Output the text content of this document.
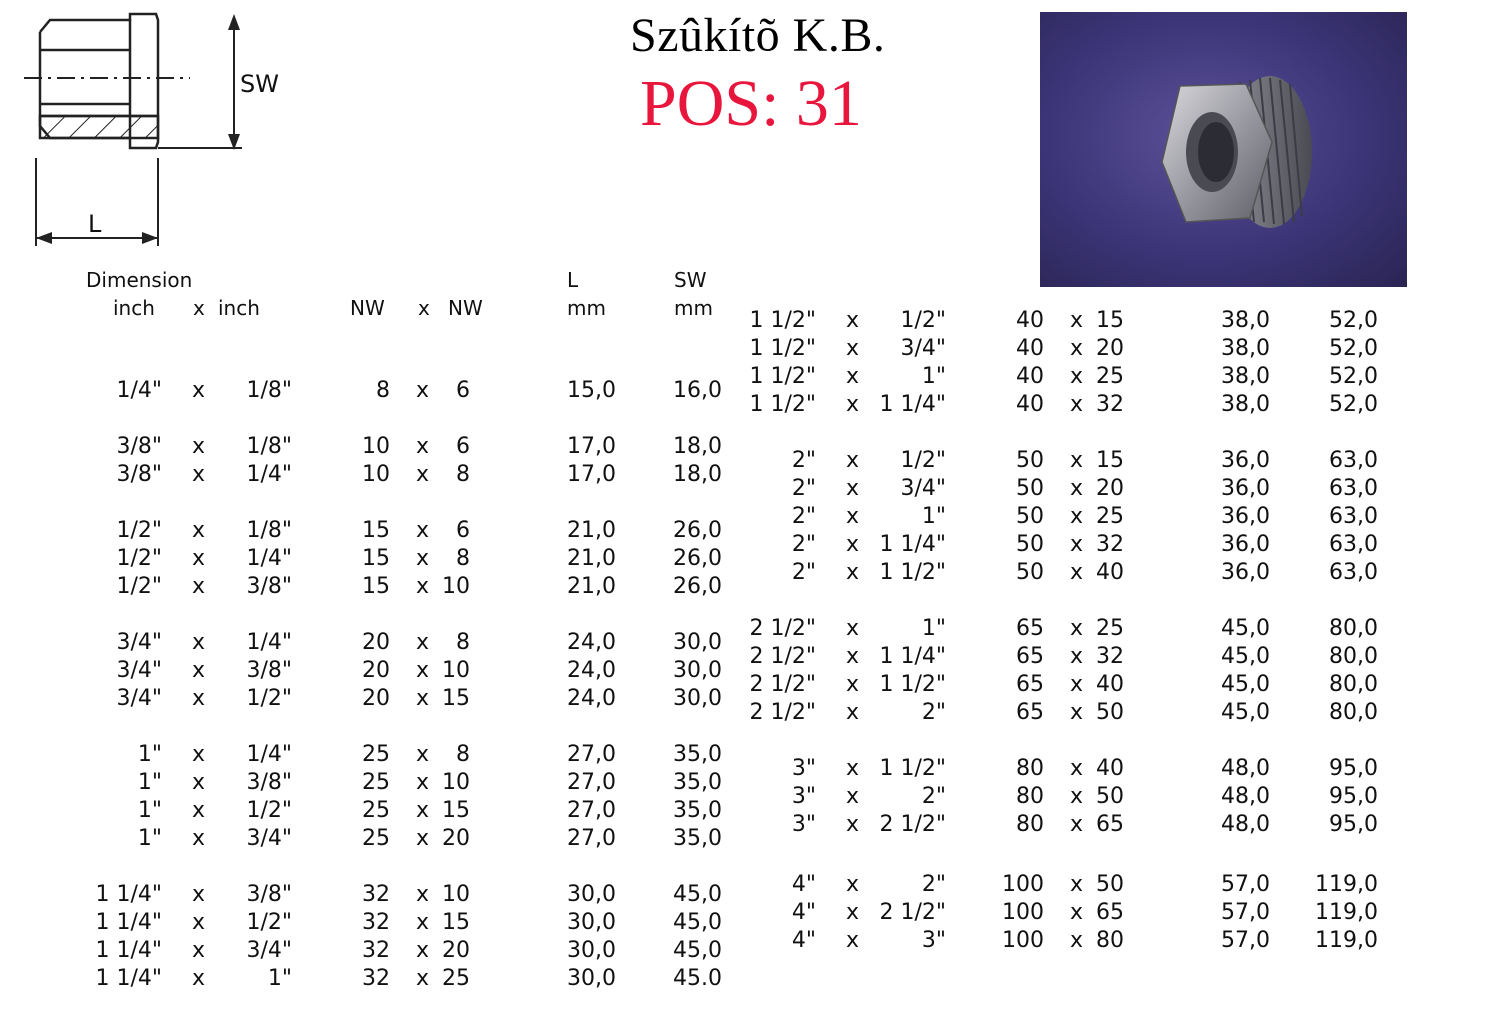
Szûkítõ K.B.
POS: 31
SW
L
Dimension
inch x inch	NW x NW
L
mm
SW
mm
1/4" x	1/8"	8 x	6	15,0	16,0
3/8" x	1/8"	10 x	6	17,0	18,0
3/8" x	1/4"	10 x	8	17,0	18,0
1/2" x	1/8"	15 x	6	21,0	26,0
1/2" x	1/4"	15 x	8	21,0	26,0
1/2" x	3/8"	15 x 10	21,0	26,0
3/4" x	1/4"	20 x	8	24,0	30,0
3/4" x	3/8"	20 x 10	24,0	30,0
3/4" x	1/2"	20 x 15	24,0	30,0
1" x	1/4"	25 x	8	27,0	35,0
1" x	3/8"	25 x 10	27,0	35,0
1" x	1/2"	25 x 15	27,0	35,0
1" x	3/4"	25 x 20	27,0	35,0
1 1/4" x	3/8"	32 x 10	30,0	45,0
1 1/4" x	1/2"	32 x 15	30,0	45,0
1 1/4" x	3/4"	32 x 20	30,0	45,0
1 1/4" x	1"	32 x 25	30,0	45.0
1 1/2" x	1/2"	40 x 15	38,0	52,0
1 1/2" x	3/4"	40 x 20	38,0	52,0
1 1/2" x	1"	40 x 25	38,0	52,0
1 1/2" x 1 1/4"	40 x 32	38,0	52,0
2" x	1/2"	50 x 15	36,0	63,0
2" x	3/4"	50 x 20	36,0	63,0
2" x	1"	50 x 25	36,0	63,0
2" x 1 1/4"	50 x 32	36,0	63,0
2" x 1 1/2"	50 x 40	36,0	63,0
2 1/2" x	1"	65 x 25	45,0	80,0
2 1/2" x 1 1/4"	65 x 32	45,0	80,0
2 1/2" x 1 1/2"	65 x 40	45,0	80,0
2 1/2" x	2"	65 x 50	45,0	80,0
3" x 1 1/2"	80 x 40	48,0	95,0
3" x	2"	80 x 50	48,0	95,0
3" x 2 1/2"	80 x 65	48,0	95,0
4" x	2"	100 x 50	57,0	119,0
4" x 2 1/2"	100 x 65	57,0	119,0
4" x	3"	100 x 80	57,0	119,0
